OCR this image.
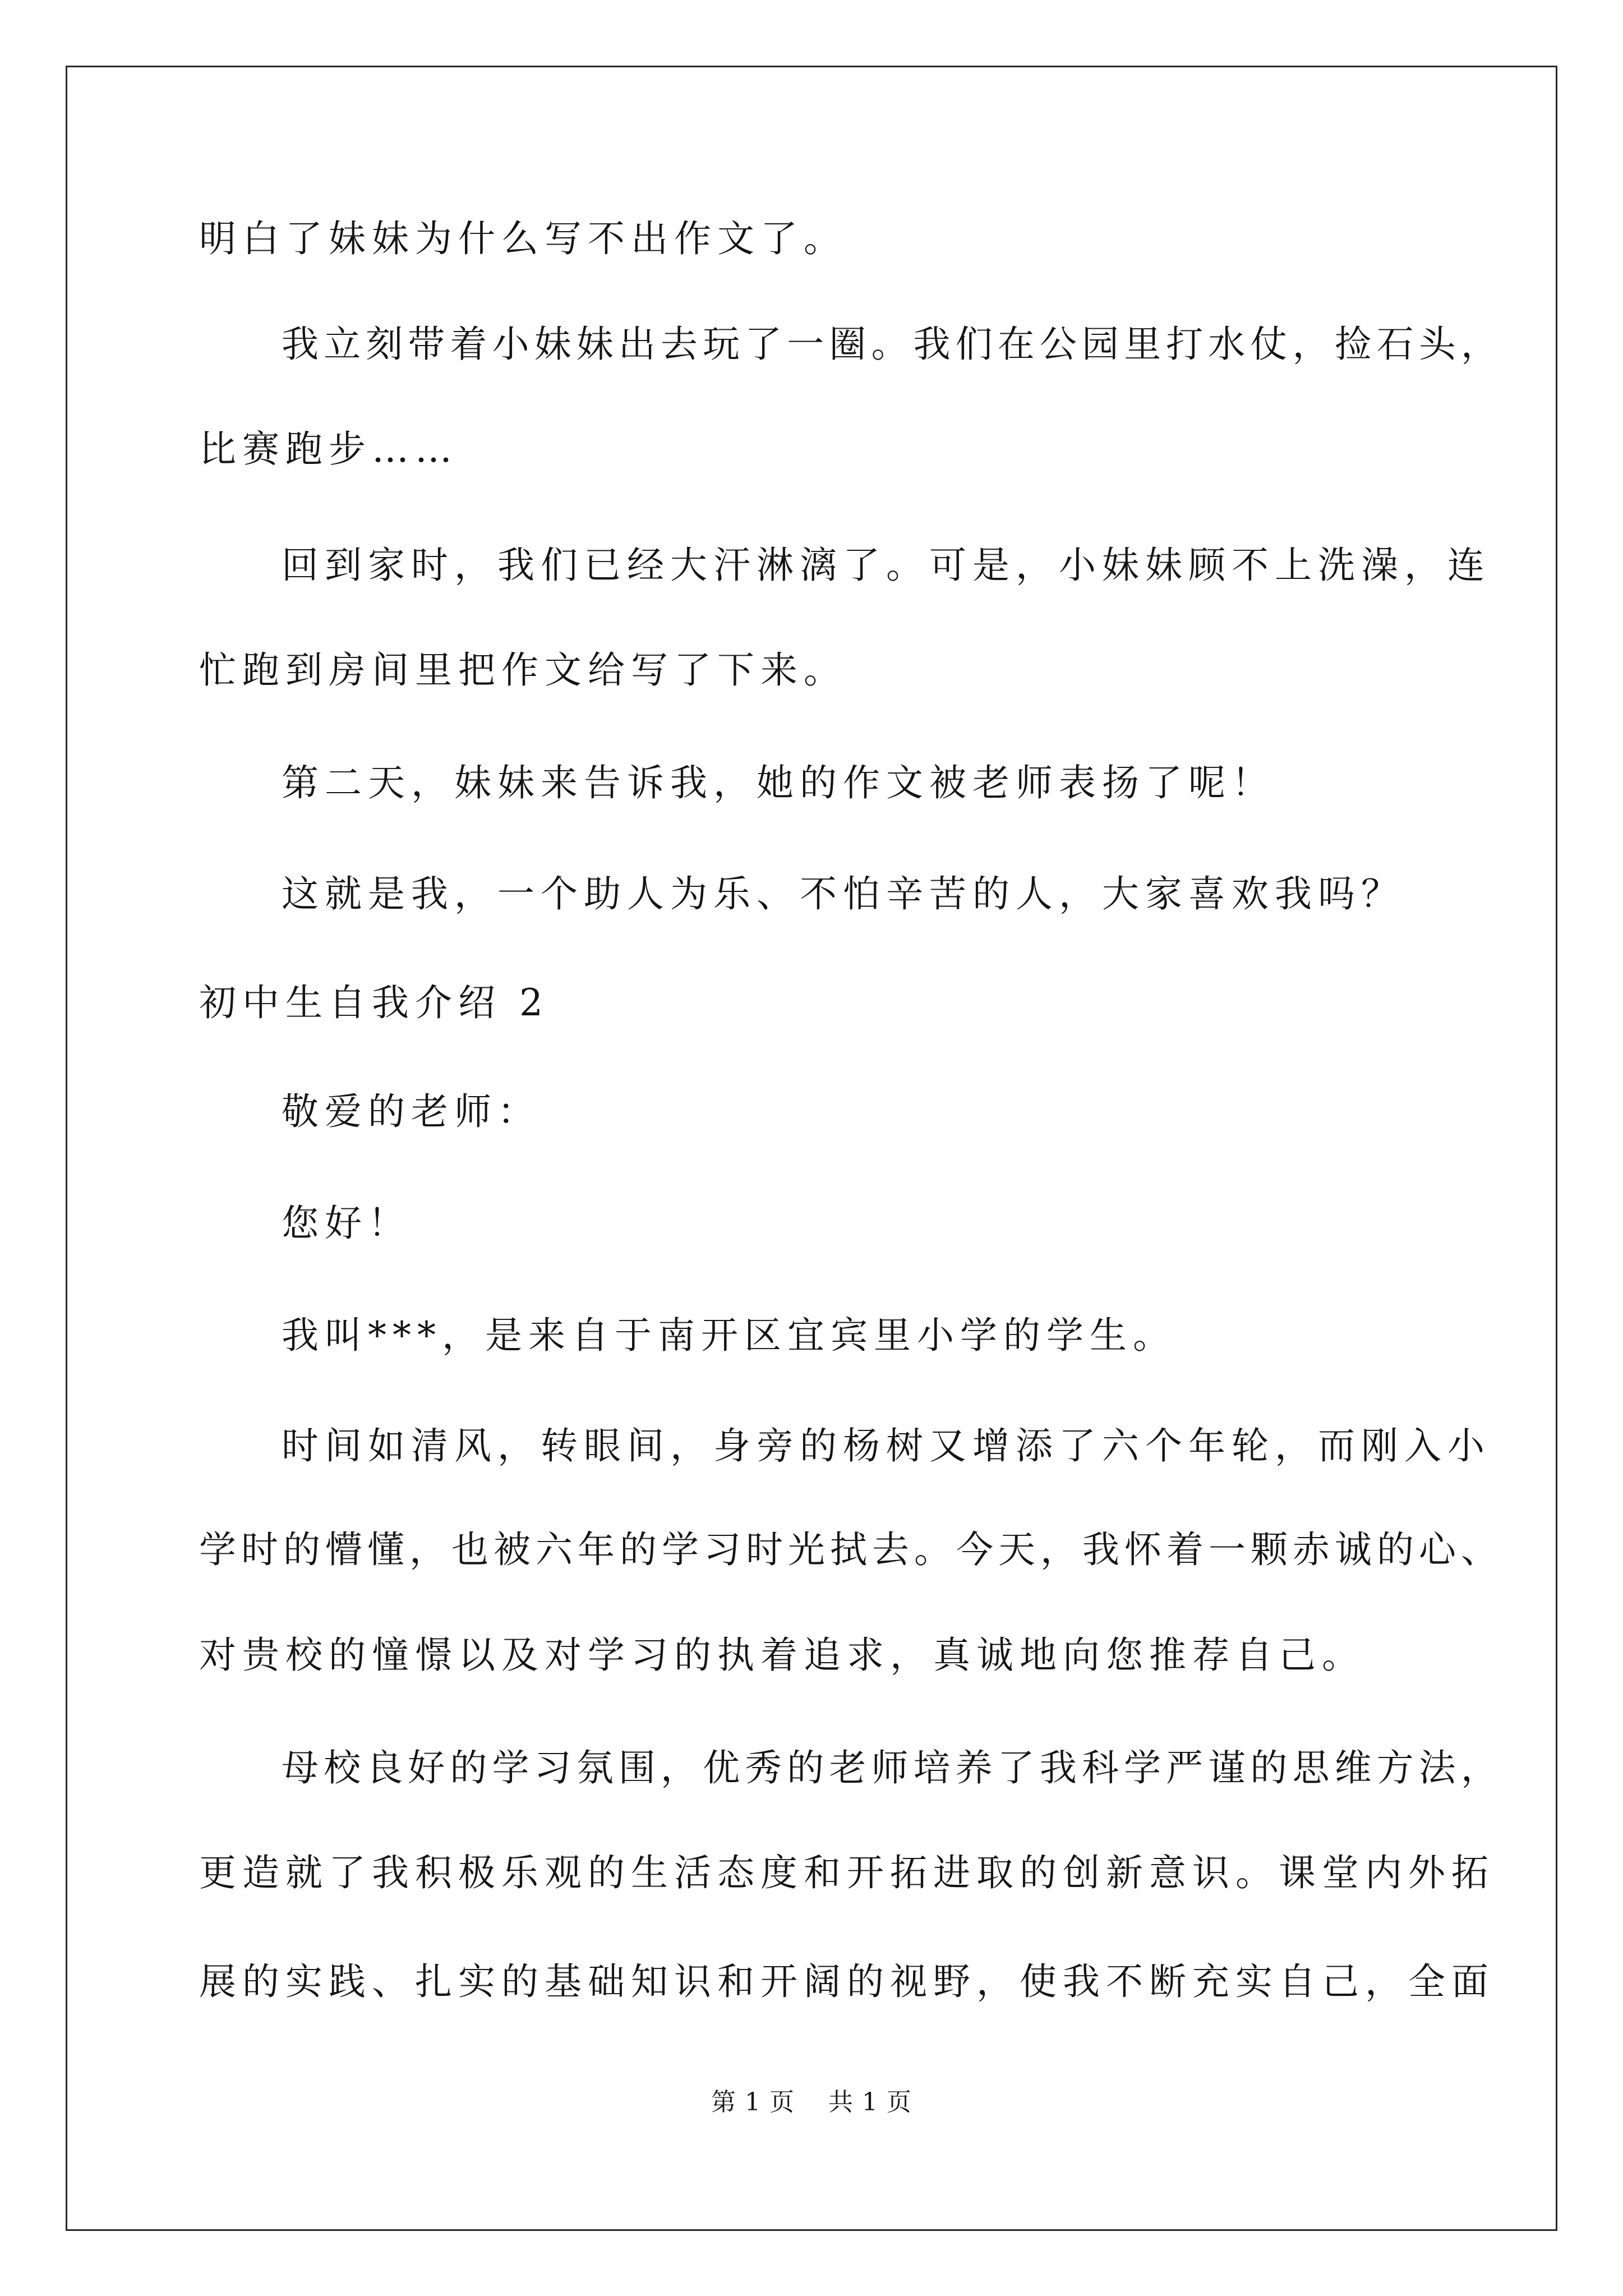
明白了妹妹为什么写不出作文了。
我立刻带着小妹妹出去玩了一圈。我们在公园里打水仗，捡石头，
比赛跑步……
回到家时，我们已经大汗淋漓了。可是，小妹妹顾不上洗澡，连
忙跑到房间里把作文给写了下来。
第二天，妹妹来告诉我，她的作文被老师表扬了呢！
这就是我，一个助人为乐、不怕辛苦的人，大家喜欢我吗？
初中生自我介绍 2
敬爱的老师：
您好！
我叫***，是来自于南开区宜宾里小学的学生。
时间如清风，转眼间，身旁的杨树又增添了六个年轮，而刚入小
学时的懵懂，也被六年的学习时光拭去。今天，我怀着一颗赤诚的心、
对贵校的憧憬以及对学习的执着追求，真诚地向您推荐自己。
母校良好的学习氛围，优秀的老师培养了我科学严谨的思维方法，
更造就了我积极乐观的生活态度和开拓进取的创新意识。课堂内外拓
展的实践、扎实的基础知识和开阔的视野，使我不断充实自己，全面
第 1 页    共 1 页
